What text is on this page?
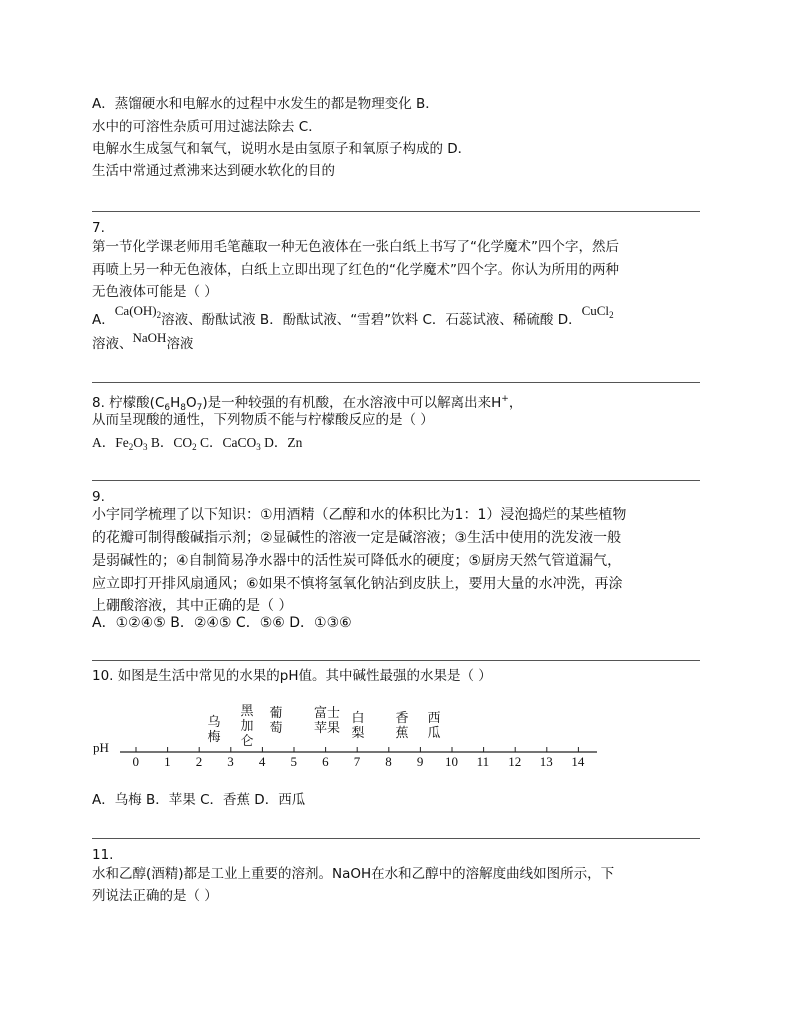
A．蒸馏硬水和电解水的过程中水发生的都是物理变化 B．
水中的可溶性杂质可用过滤法除去 C．
电解水生成氢气和氧气，说明水是由氢原子和氧原子构成的 D．
生活中常通过煮沸来达到硬水软化的目的
7.
第一节化学课老师用毛笔蘸取一种无色液体在一张白纸上书写了“化学魔术”四个字，然后
再喷上另一种无色液体，白纸上立即出现了红色的“化学魔术”四个字。你认为所用的两种
无色液体可能是（ ）
A．$Ca(OH)_2$溶液、酚酞试液 B．酚酞试液、“雪碧”饮料 C．石蕊试液、稀硫酸 D．CuCl$_2$
溶液、NaOH溶液
8. 柠檬酸$(C_6H_8O_7)$是一种较强的有机酸，在水溶液中可以解离出来H+，
从而呈现酸的通性，下列物质不能与柠檬酸反应的是（ ）
A．$Fe_2O_3$ B．$CO_2$ C．CaCO$_3$ D．Zn
9.
小宇同学梳理了以下知识：①用酒精（乙醇和水的体积比为1：1）浸泡捣烂的某些植物
的花瓣可制得酸碱指示剂；②显碱性的溶液一定是碱溶液；③生活中使用的洗发液一般
是弱碱性的；④自制简易净水器中的活性炭可降低水的硬度；⑤厨房天然气管道漏气，
应立即打开排风扇通风；⑥如果不慎将氢氧化钠沾到皮肤上，要用大量的水冲洗，再涂
上硼酸溶液，其中正确的是（ ）
A．①②④⑤ B．②④⑤ C．⑤⑥ D．①③⑥
10. 如图是生活中常见的水果的pH值。其中碱性最强的水果是（ ）
乌
梅
黑
加
仑
葡
萄
富士
苹果
白
梨
香
蕉
西
瓜
pH
0 1 2 3 4 5 6 7 8 9 10 11 12 13 14
A．乌梅 B．苹果 C．香蕉 D．西瓜
11.
水和乙醇(酒精)都是工业上重要的溶剂。NaOH在水和乙醇中的溶解度曲线如图所示，下
列说法正确的是（ ）
